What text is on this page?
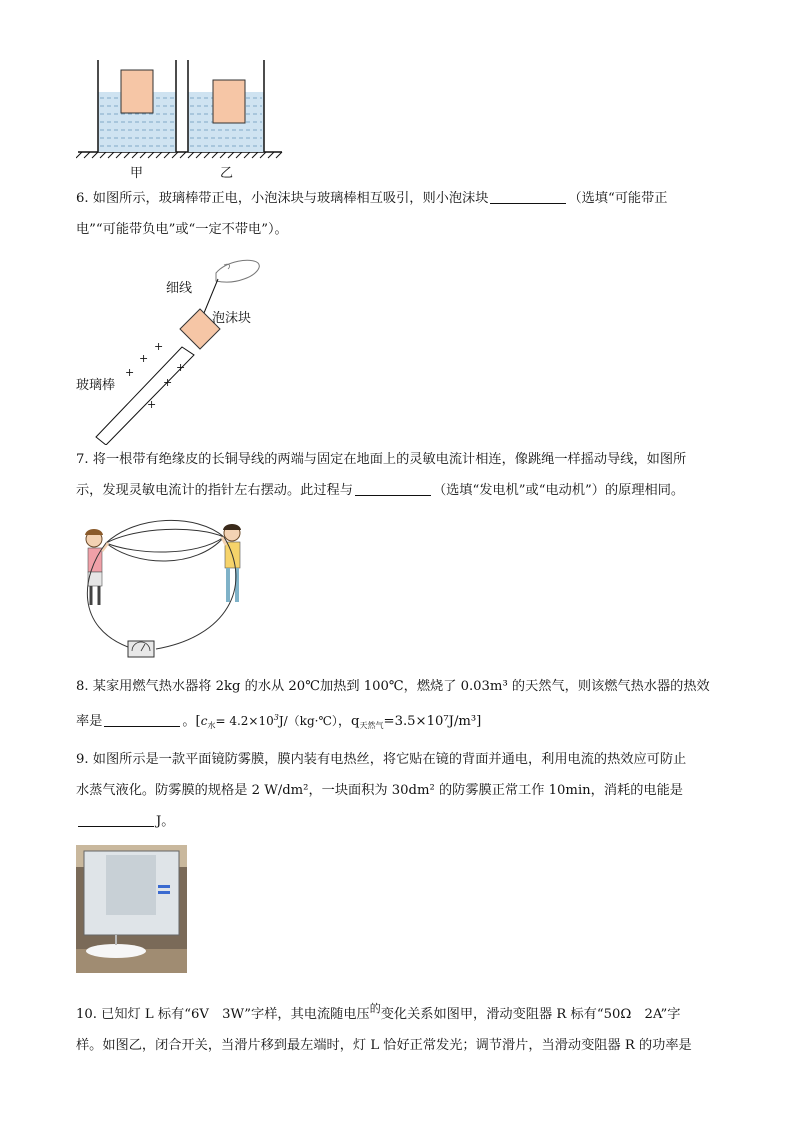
甲	乙
6. 如图所示，玻璃棒带正电，小泡沫块与玻璃棒相互吸引，则小泡沫块	（选填“可能带正
电”“可能带负电”或“一定不带电”）。
细线
泡沫块
玻璃棒
+
+
+
+
+
+
7. 将一根带有绝缘皮的长铜导线的两端与固定在地面上的灵敏电流计相连，像跳绳一样摇动导线，如图所
示，发现灵敏电流计的指针左右摆动。此过程与	（选填“发电机”或“电动机”）的原理相同。
8. 某家用燃气热水器将 2kg 的水从 20℃加热到 100℃，燃烧了 0.03m³ 的天然气，则该燃气热水器的热效
率是	。[$c_水=$ $4.2\times 10^3J/(kg\cdot℃)$，$q_{天然气}=3.5\times 10^7J/m^3$]
9. 如图所示是一款平面镜防雾膜，膜内装有电热丝，将它贴在镜的背面并通电，利用电流的热效应可防止
水蒸气液化。防雾膜的规格是 2 W/dm²，一块面积为 30dm² 的防雾膜正常工作 10min，消耗的电能是
J。
10. 已知灯 L 标有“6V　3W”字样，其电流随电压$^的$变化关系如图甲，滑动变阻器 R 标有“50Ω　2A”字
样。如图乙，闭合开关，当滑片移到最左端时，灯 L 恰好正常发光；调节滑片，当滑动变阻器 R 的功率是
